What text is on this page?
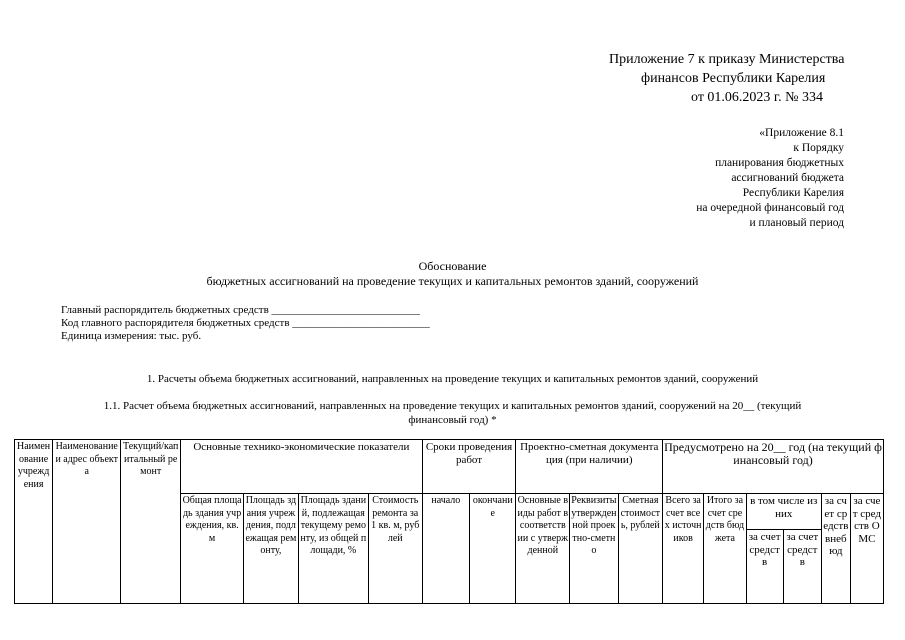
Приложение 7 к приказу Министерства
финансов Республики Карелия
от 01.06.2023 г. № 334
«Приложение 8.1
к Порядку
планирования бюджетных
ассигнований бюджета
Республики Карелия
на очередной финансовый год
и плановый период
Обоснование
бюджетных ассигнований на проведение текущих и капитальных ремонтов зданий, сооружений
Главный распорядитель бюджетных средств ___________________________
Код главного распорядителя бюджетных средств _________________________
Единица измерения: тыс. руб.
1. Расчеты объема бюджетных ассигнований, направленных на проведение текущих и капитальных ремонтов зданий, сооружений
1.1. Расчет объема бюджетных ассигнований, направленных на проведение текущих и капитальных ремонтов зданий, сооружений на 20__ (текущий
финансовый год) *
Наименование учреждения	Наименование и адрес объекта	Текущий/капитальный ремонт	Основные технико-экономические показатели				Сроки проведения работ		Проектно-сметная документация (при наличии)			Предусмотрено на 20__ год (на текущий финансовый год)					
			Общая площадь здания учреждения, кв. м	Площадь здания учреждения, подлежащая ремонту,	Площадь зданий, подлежащая текущему ремонту, из общей площади, %	Стоимость ремонта за 1 кв. м, рублей	начало	окончание	Основные виды работ в соответствии с утвержденной	Реквизиты утвержденной проектно-сметно	Сметная стоимость, рублей	Всего за счет всех источников	Итого за счет средств бюджета	в том числе из них		за счет средств внебюд	за счет средств ОМС
														за счет средств	за счет средств		
